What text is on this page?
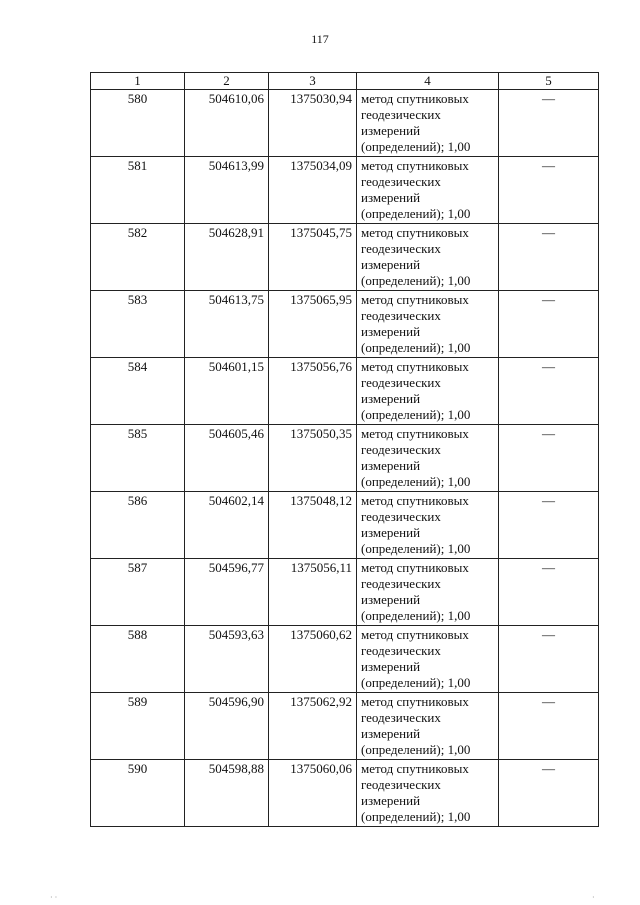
117
1	2	3	4	5
580	504610,06	1375030,94	метод спутниковых геодезических измерений (определений); 1,00	—
581	504613,99	1375034,09	метод спутниковых геодезических измерений (определений); 1,00	—
582	504628,91	1375045,75	метод спутниковых геодезических измерений (определений); 1,00	—
583	504613,75	1375065,95	метод спутниковых геодезических измерений (определений); 1,00	—
584	504601,15	1375056,76	метод спутниковых геодезических измерений (определений); 1,00	—
585	504605,46	1375050,35	метод спутниковых геодезических измерений (определений); 1,00	—
586	504602,14	1375048,12	метод спутниковых геодезических измерений (определений); 1,00	—
587	504596,77	1375056,11	метод спутниковых геодезических измерений (определений); 1,00	—
588	504593,63	1375060,62	метод спутниковых геодезических измерений (определений); 1,00	—
589	504596,90	1375062,92	метод спутниковых геодезических измерений (определений); 1,00	—
590	504598,88	1375060,06	метод спутниковых геодезических измерений (определений); 1,00	—
· ·	·
